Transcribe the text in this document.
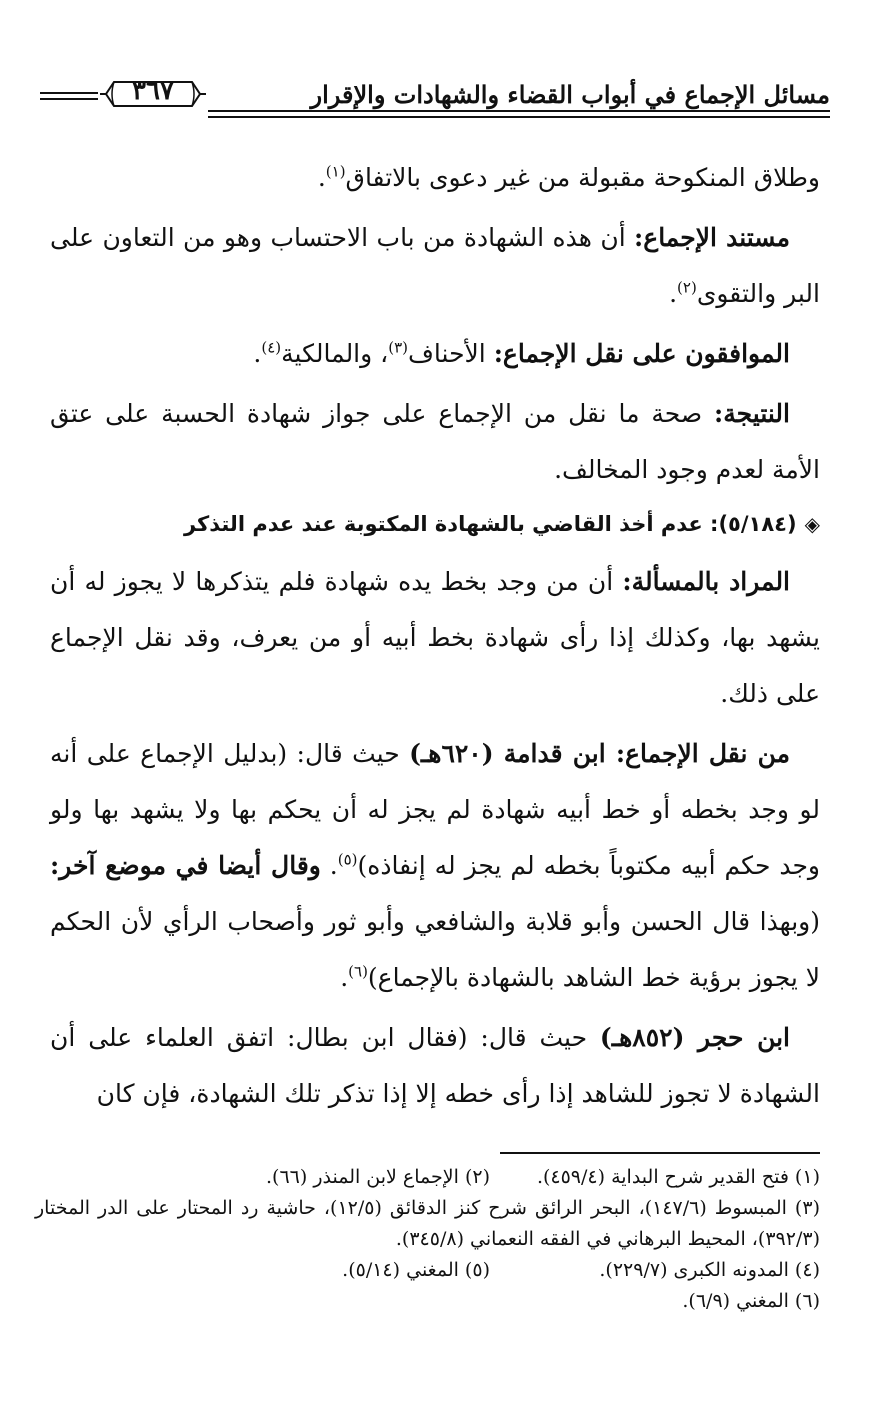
٣٦٧	مسائل الإجماع في أبواب القضاء والشهادات والإقرار

وطلاق المنكوحة مقبولة من غير دعوى بالاتفاق$^{(١)}$.

مستند الإجماع: أن هذه الشهادة من باب الاحتساب وهو من التعاون على البر والتقوى$^{(٢)}$.

الموافقون على نقل الإجماع: الأحناف$^{(٣)}$، والمالكية$^{(٤)}$.

النتيجة: صحة ما نقل من الإجماع على جواز شهادة الحسبة على عتق الأمة لعدم وجود المخالف.

◈(٥/١٨٤): عدم أخذ القاضي بالشهادة المكتوبة عند عدم التذكر

المراد بالمسألة: أن من وجد بخط يده شهادة فلم يتذكرها لا يجوز له أن يشهد بها، وكذلك إذا رأى شهادة بخط أبيه أو من يعرف، وقد نقل الإجماع على ذلك.

من نقل الإجماع: ابن قدامة (٦٢٠هـ) حيث قال: (بدليل الإجماع على أنه لو وجد بخطه أو خط أبيه شهادة لم يجز له أن يحكم بها ولا يشهد بها ولو وجد حكم أبيه مكتوباً بخطه لم يجز له إنفاذه)$^{(٥)}$. وقال أيضا في موضع آخر: (وبهذا قال الحسن وأبو قلابة والشافعي وأبو ثور وأصحاب الرأي لأن الحكم لا يجوز برؤية خط الشاهد بالشهادة بالإجماع)$^{(٦)}$.

ابن حجر (٨٥٢هـ) حيث قال: (فقال ابن بطال: اتفق العلماء على أن الشهادة لا تجوز للشاهد إذا رأى خطه إلا إذا تذكر تلك الشهادة، فإن كان

(١) فتح القدير شرح البداية (٤٥٩/٤).
(٢) الإجماع لابن المنذر (٦٦).
(٣) المبسوط (١٤٧/٦)، البحر الرائق شرح كنز الدقائق (١٢/٥)، حاشية رد المحتار على الدر المختار (٣٩٢/٣)، المحيط البرهاني في الفقه النعماني (٣٤٥/٨).
(٤) المدونه الكبرى (٢٢٩/٧).
(٥) المغني (٥/١٤).
(٦) المغني (٦/٩).
